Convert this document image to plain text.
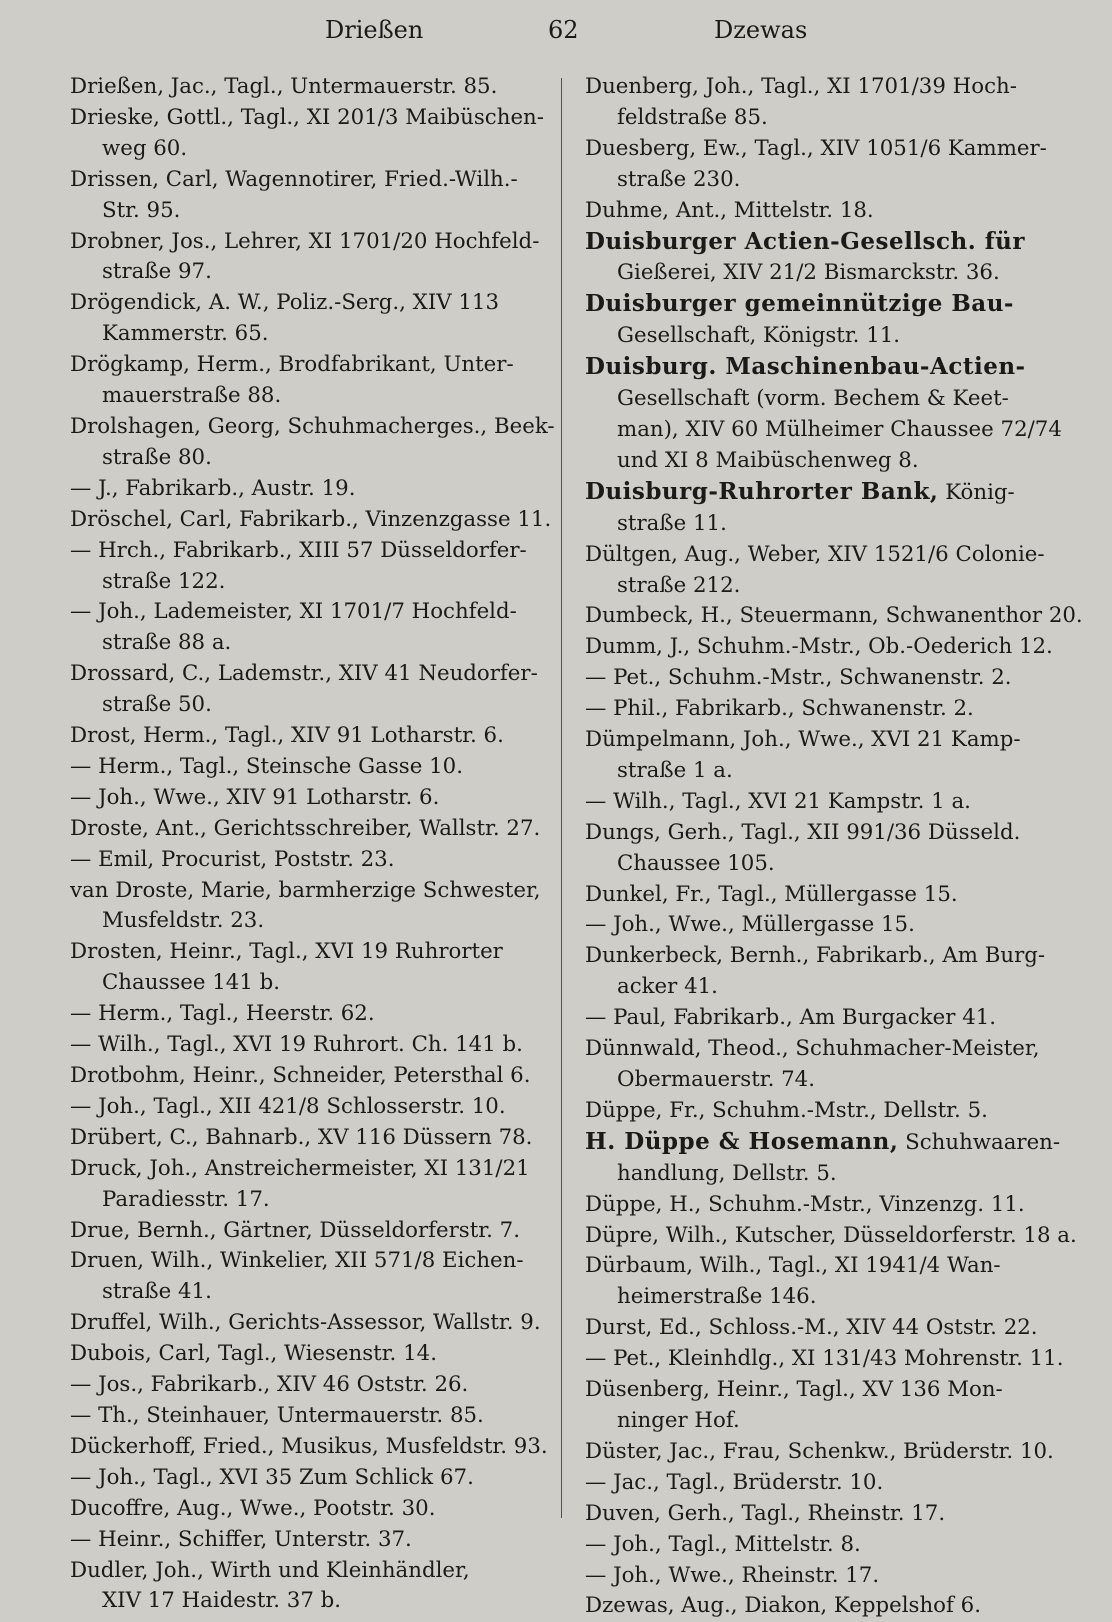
Drießen	62	Dzewas
Drießen, Jac., Tagl., Untermauerstr. 85.
Drieske, Gottl., Tagl., XI 201/3 Maibüschen-
weg 60.
Drissen, Carl, Wagennotirer, Fried.-Wilh.-
Str. 95.
Drobner, Jos., Lehrer, XI 1701/20 Hochfeld-
straße 97.
Drögendick, A. W., Poliz.-Serg., XIV 113
Kammerstr. 65.
Drögkamp, Herm., Brodfabrikant, Unter-
mauerstraße 88.
Drolshagen, Georg, Schuhmacherges., Beek-
straße 80.
— J., Fabrikarb., Austr. 19.
Dröschel, Carl, Fabrikarb., Vinzenzgasse 11.
— Hrch., Fabrikarb., XIII 57 Düsseldorfer-
straße 122.
— Joh., Lademeister, XI 1701/7 Hochfeld-
straße 88 a.
Drossard, C., Lademstr., XIV 41 Neudorfer-
straße 50.
Drost, Herm., Tagl., XIV 91 Lotharstr. 6.
— Herm., Tagl., Steinsche Gasse 10.
— Joh., Wwe., XIV 91 Lotharstr. 6.
Droste, Ant., Gerichtsschreiber, Wallstr. 27.
— Emil, Procurist, Poststr. 23.
van Droste, Marie, barmherzige Schwester,
Musfeldstr. 23.
Drosten, Heinr., Tagl., XVI 19 Ruhrorter
Chaussee 141 b.
— Herm., Tagl., Heerstr. 62.
— Wilh., Tagl., XVI 19 Ruhrort. Ch. 141 b.
Drotbohm, Heinr., Schneider, Petersthal 6.
— Joh., Tagl., XII 421/8 Schlosserstr. 10.
Drübert, C., Bahnarb., XV 116 Düssern 78.
Druck, Joh., Anstreichermeister, XI 131/21
Paradiesstr. 17.
Drue, Bernh., Gärtner, Düsseldorferstr. 7.
Druen, Wilh., Winkelier, XII 571/8 Eichen-
straße 41.
Druffel, Wilh., Gerichts-Assessor, Wallstr. 9.
Dubois, Carl, Tagl., Wiesenstr. 14.
— Jos., Fabrikarb., XIV 46 Oststr. 26.
— Th., Steinhauer, Untermauerstr. 85.
Dückerhoff, Fried., Musikus, Musfeldstr. 93.
— Joh., Tagl., XVI 35 Zum Schlick 67.
Ducoffre, Aug., Wwe., Pootstr. 30.
— Heinr., Schiffer, Unterstr. 37.
Dudler, Joh., Wirth und Kleinhändler,
XIV 17 Haidestr. 37 b.
Duenberg, Joh., Tagl., XI 1701/39 Hoch-
feldstraße 85.
Duesberg, Ew., Tagl., XIV 1051/6 Kammer-
straße 230.
Duhme, Ant., Mittelstr. 18.
Duisburger Actien-Gesellsch. für
Gießerei, XIV 21/2 Bismarckstr. 36.
Duisburger gemeinnützige Bau-
Gesellschaft, Königstr. 11.
Duisburg. Maschinenbau-Actien-
Gesellschaft (vorm. Bechem & Keet-
man), XIV 60 Mülheimer Chaussee 72/74
und XI 8 Maibüschenweg 8.
Duisburg-Ruhrorter Bank, König-
straße 11.
Dültgen, Aug., Weber, XIV 1521/6 Colonie-
straße 212.
Dumbeck, H., Steuermann, Schwanenthor 20.
Dumm, J., Schuhm.-Mstr., Ob.-Oederich 12.
— Pet., Schuhm.-Mstr., Schwanenstr. 2.
— Phil., Fabrikarb., Schwanenstr. 2.
Dümpelmann, Joh., Wwe., XVI 21 Kamp-
straße 1 a.
— Wilh., Tagl., XVI 21 Kampstr. 1 a.
Dungs, Gerh., Tagl., XII 991/36 Düsseld.
Chaussee 105.
Dunkel, Fr., Tagl., Müllergasse 15.
— Joh., Wwe., Müllergasse 15.
Dunkerbeck, Bernh., Fabrikarb., Am Burg-
acker 41.
— Paul, Fabrikarb., Am Burgacker 41.
Dünnwald, Theod., Schuhmacher-Meister,
Obermauerstr. 74.
Düppe, Fr., Schuhm.-Mstr., Dellstr. 5.
H. Düppe & Hosemann, Schuhwaaren-
handlung, Dellstr. 5.
Düppe, H., Schuhm.-Mstr., Vinzenzg. 11.
Düpre, Wilh., Kutscher, Düsseldorferstr. 18 a.
Dürbaum, Wilh., Tagl., XI 1941/4 Wan-
heimerstraße 146.
Durst, Ed., Schloss.-M., XIV 44 Oststr. 22.
— Pet., Kleinhdlg., XI 131/43 Mohrenstr. 11.
Düsenberg, Heinr., Tagl., XV 136 Mon-
ninger Hof.
Düster, Jac., Frau, Schenkw., Brüderstr. 10.
— Jac., Tagl., Brüderstr. 10.
Duven, Gerh., Tagl., Rheinstr. 17.
— Joh., Tagl., Mittelstr. 8.
— Joh., Wwe., Rheinstr. 17.
Dzewas, Aug., Diakon, Keppelshof 6.
